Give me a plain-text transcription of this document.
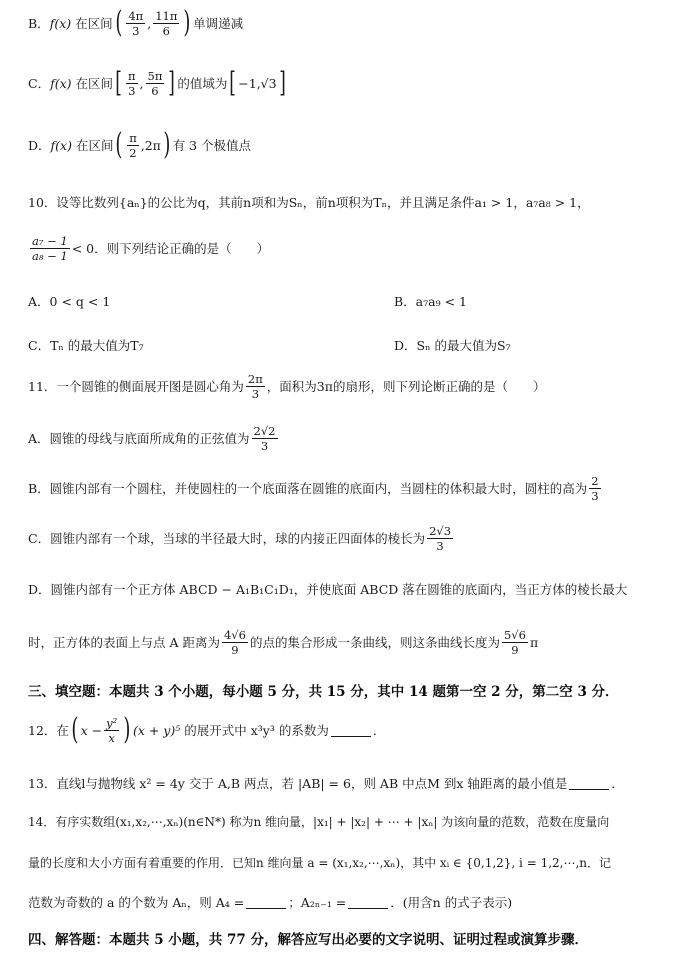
B． f(x)
在区间 ( $\frac{4\pi}{3}$ , $\frac{11\pi}{6}$ ) 单调递减
C． f(x)
在区间 [ $\frac{\pi}{3}$ , $\frac{5\pi}{6}$ ] 的值域为 [ −1,√3 ]
D． f(x)
在区间 ( $\frac{\pi}{2} ,2\pi$ ) 有 3 个极值点
10．设等比数列{aₙ}的公比为q，其前n项和为Sₙ，前n项积为Tₙ，并且满足条件a₁ > 1，a₇a₈ > 1，
$\frac{\text{a₇ − 1}}{\text{a₈ − 1}} < 0$．则下列结论正确的是（　　）
A．0 < q < 1	B．a₇a₉ < 1
C．Tₙ 的最大值为T₇	D．Sₙ 的最大值为S₇
11．一个圆锥的侧面展开图是圆心角为 $\frac{2\pi}{3}$ ，面积为3π的扇形，则下列论断正确的是（　　）
A．圆锥的母线与底面所成角的正弦值为 $\frac{2√2}{3}$
B．圆锥内部有一个圆柱，并使圆柱的一个底面落在圆锥的底面内，当圆柱的体积最大时，圆柱的高为 $\frac{2}{3}$
C．圆锥内部有一个球，当球的半径最大时，球的内接正四面体的棱长为 $\frac{2√3}{3}$
D．圆锥内部有一个正方体 ABCD − A₁B₁C₁D₁，并使底面 ABCD 落在圆锥的底面内，当正方体的棱长最大
时，正方体的表面上与点 A 距离为 $\frac{4√6}{9}$ 的点的集合形成一条曲线，则这条曲线长度为 $\frac{5√6}{9}$ π
三、填空题：本题共 3 个小题，每小题 5 分，共 15 分，其中 14 题第一空 2 分，第二空 3 分．
12．在 ( $x - \frac{\text{y²}}{x}$ ) (x + y)⁵
的展开式中 x³y³ 的系数为	．
13．直线l与抛物线 x² = 4y 交于 A,B 两点，若 |AB| = 6，则 AB 中点M 到x 轴距离的最小值是	．
14．有序实数组(x₁,x₂,⋯,xₙ)(n∈N*) 称为n 维向量，|x₁| + |x₂| + ⋯ + |xₙ| 为该向量的范数，范数在度量向
量的长度和大小方面有着重要的作用．已知n 维向量 a = (x₁,x₂,⋯,xₙ)，其中 xᵢ ∈ {0,1,2}, i = 1,2,⋯,n．记
范数为奇数的 a 的个数为 Aₙ，则 A₄ =	；A₂ₙ₋₁ =	．(用含n 的式子表示)
四、解答题：本题共 5 小题，共 77 分，解答应写出必要的文字说明、证明过程或演算步骤．
